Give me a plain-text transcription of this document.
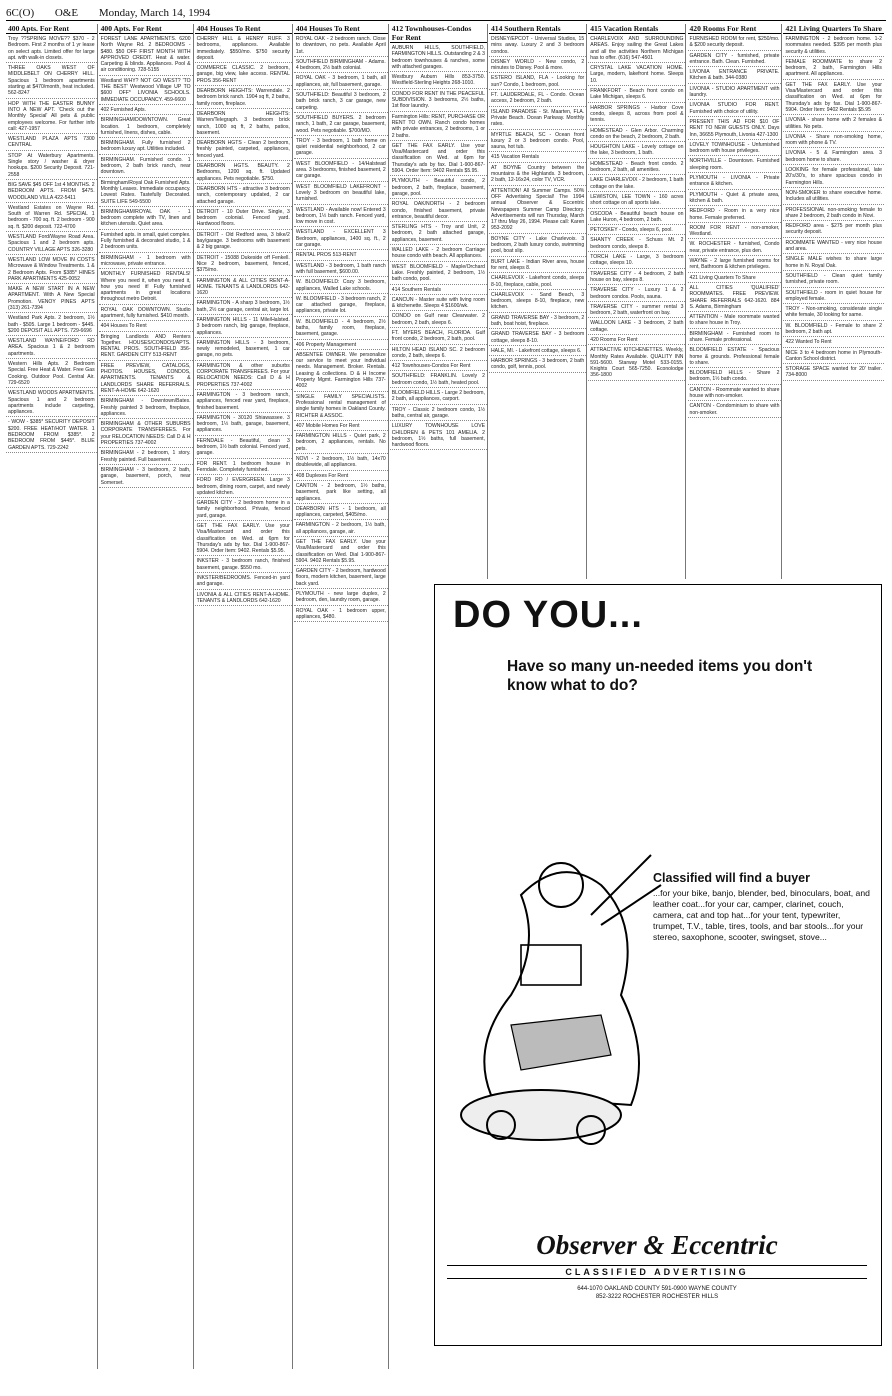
6C(O) O&E Monday, March 14, 1994
400 Apts. For Rent
Troy ??SPRING MOVE?? $370 - 2 Bedroom. First 2 months of 1 yr lease on select apts. Limited offer for large apt. with walk-in closets.
THREE OAKS WEST OF MIDDLEBELT ON CHERRY HILL. Spacious 1 bedroom apartments starting at $470/month, heat included. 562-8247
HOP WITH THE EASTER BUNNY INTO A NEW APT. 'Check out the Monthly Special' All pets & public employees welcome. For further info call: 427-1957
WESTLAND PLAZA APTS 7300 CENTRAL
STOP At Waterbury Apartments. Single story / washer & dryer hookups. $200 Security Deposit. 721-2558
BIG SAVE $45 OFF 1st 4 MONTHS. 2 BEDROOM APTS. FROM $475. WOODLAND VILLA 422-5411
Westland Estates on Wayne Rd. South of Warren Rd. SPECIAL 1 bedroom - 700 sq. ft. 2 bedroom - 900 sq. ft. $200 deposit. 722-4700
WESTLAND Ford/Wayne Road Area. Spacious 1 and 2 bedroom apts. COUNTRY VILLAGE APTS 326-3280
WESTLAND LOW MOVE IN COSTS Microwave & Window Treatments. 1 & 2 Bedroom Apts. From $385* HINES PARK APARTMENTS 425-0052
MAKE A NEW START IN A NEW APARTMENT. With A New Special Promotion. VENOY PINES APTS (313) 261-7394
Westland Park Apts. 2 bedroom, 1½ bath - $505. Large 1 bedroom - $445. $200 DEPOSIT ALL APTS. 729-6696
WESTLAND WAYNE/FORD RD AREA. Spacious 1 & 2 bedroom apartments.
Western Hills Apts. 2 Bedroom Special. Free Heat & Water. Free Gas Cooking. Outdoor Pool. Central Air. 729-6520
WESTLAND WOODS APARTMENTS. Spacious 1 and 2 bedroom apartments include carpeting, appliances.
- WOW - $385* SECURITY DEPOSIT $200. FREE HEAT/HOT WATER. 1 BEDROOM FROM $385*. 2 BEDROOM FROM $445*. BLUE GARDEN APTS. 729-2242
400 Apts. For Rent
FOREST LANE APARTMENTS. 6200 North Wayne Rd. 2 BEDROOMS - $480. $50 OFF FIRST MONTH WITH APPROVED CREDIT. Heat & water. Carpeting & blinds. Appliances. Pool & air conditioning. 728-5155
Westland WHY? NOT GO WEST? 'TO THE BEST' Westwood Village UP TO $600 OFF* LIVONIA SCHOOLS. IMMEDIATE OCCUPANCY. 459-6600
402 Furnished Apts.
BIRMINGHAM/DOWNTOWN. Great location. 1 bedroom, completely furnished, linens, dishes, cable.
BIRMINGHAM. Fully furnished 2 bedroom luxury apt. Utilities included.
BIRMINGHAM. Furnished condo. 1 bedroom, 2 bath brick ranch, near downtown.
Birmingham/Royal Oak Furnished Apts. Monthly Leases. Immediate occupancy. Lowest Rates. Tastefully Decorated. SUITE LIFE 549-5500
BIRMINGHAM/ROYAL OAK - 1 bedroom complete with TV, linen and kitchen utensils. Quiet area.
Furnished apts. in small, quiet complex. Fully furnished & decorated studio, 1 & 2 bedroom units.
BIRMINGHAM - 1 bedroom with microwave, private entrance.
MONTHLY FURNISHED RENTALS! Where you need it, when you need it, how you need it! Fully furnished apartments in great locations throughout metro Detroit.
ROYAL OAK DOWNTOWN. Studio apartment, fully furnished. $410 month.
404 Houses To Rent
Bringing Landlords AND Renters Together. HOUSES/CONDOS/APTS. RENTAL PROS. SOUTHFIELD 356-RENT. GARDEN CITY 513-RENT
FREE PREVIEW, CATALOGS, PHOTOS. HOUSES, CONDOS, APARTMENTS. TENANTS & LANDLORDS SHARE REFERRALS. RENT-A-HOME 642-1620
BIRMINGHAM - Downtown/Bates. Freshly painted 3 bedroom, fireplace, appliances.
BIRMINGHAM & OTHER SUBURBS CORPORATE TRANSFEREES. For your RELOCATION NEEDS: Call D & H PROPERTIES 737-4002
BIRMINGHAM - 2 bedroom, 1 story. Freshly painted. Full basement.
BIRMINGHAM - 3 bedroom, 2 bath, garage, basement, porch, near Somerset.
404 Houses To Rent
CHERRY HILL & HENRY RUFF. 3 bedrooms, appliances. Available immediately. $550/mo. $750 security deposit.
COMMERCE CLASSIC. 2 bedroom, garage, big view, lake access. RENTAL PROS 356-RENT
DEARBORN HEIGHTS: Warrendale. 2 bedroom brick ranch. 1904 sq ft, 2 baths, family room, fireplace.
DEARBORN HEIGHTS: Warren/Telegraph. 3 bedroom brick ranch, 1000 sq ft, 2 baths, patios, basement.
DEARBORN HGTS - Clean 2 bedroom, freshly painted, carpeted, appliances, fenced yard.
DEARBORN HGTS. BEAUTY. 2 Bedrooms, 1200 sq. ft. Updated appliances. Pets negotiable. $750.
DEARBORN HTS - attractive 3 bedroom ranch, contemporary updated, 2 car attached garage.
DETROIT - 10 Outer Drive. Single, 3 bedroom colonial. Fenced yard. Hardwood floors.
DETROIT - Old Redford area, 3 bike/2 bay/garage. 3 bedrooms with basement & 2 big garage.
DETROIT - 15088 Dukeside off Fenkell. Nice 2 bedroom, basement, fenced, $375/mo.
FARMINGTON & ALL CITIES RENT-A-HOME. TENANTS & LANDLORDS 642-1620
FARMINGTON - A sharp 3 bedroom, 1½ bath, 2½ car garage, central air, large lot.
FARMINGTON HILLS - 11 Mile/Halsted. 3 bedroom ranch, big garage, fireplace, appliances.
FARMINGTON HILLS - 3 bedroom, newly remodeled, basement, 1 car garage, no pets.
FARMINGTON & other suburbs CORPORATE TRANSFEREES. For your RELOCATION NEEDS: Call D & H PROPERTIES 737-4002
FARMINGTON - 3 bedroom ranch, appliances, fenced rear yard, fireplace, finished basement.
FARMINGTON - 30120 Shiawassee. 3 bedroom, 1½ bath, garage, basement, appliances.
FERNDALE - Beautiful, clean 3 bedroom, 1½ bath colonial. Fenced yard, garage.
FOR RENT. 1 bedroom house in Ferndale. Completely furnished.
FORD RD / EVERGREEN. Large 3 bedroom, dining room, carpet, and newly updated kitchen.
GARDEN CITY - 2 bedroom home in a family neighborhood. Private, fenced yard, garage.
GET THE FAX EARLY. Use your Visa/Mastercard and order this classification on Wed. at 6pm for Thursday's ads by fax. Dial 1-900-867-5904. Order Item: 9402. Rentals $5.95.
INKSTER - 3 bedroom ranch, finished basement, garage. $550 mo.
INKSTER/BEDROOMS. Fenced-in yard and garage.
LIVONIA & ALL CITIES RENT-A-HOME. TENANTS & LANDLORDS 642-1620
404 Houses To Rent
ROYAL OAK - 2 bedroom ranch. Close to downtown, no pets. Available April 1st.
SOUTHFIELD BIRMINGHAM - Adams. 4 bedroom, 2½ bath colonial.
ROYAL OAK - 3 bedroom, 1 bath, all appliances, air, full basement, garage.
SOUTHFIELD: Beautiful 3 bedroom, 2 bath brick ranch, 3 car garage, new carpeting.
SOUTHFIELD BUYERS. 2 bedroom ranch, 1 bath, 2 car garage, basement, wood. Pets negotiable. $700/MO.
TROY - 3 bedroom, 1 bath home on quiet residential neighborhood, 2 car garage.
WEST BLOOMFIELD - 14/Halstead area. 3 bedrooms, finished basement, 2 car garage.
WEST BLOOMFIELD LAKEFRONT - Lovely 3 bedroom on beautiful lake, furnished.
WESTLAND - Available now! Entered 3 bedroom, 1½ bath ranch. Fenced yard, low move in cost.
WESTLAND - EXCELLENT 3 Bedroom, appliances, 1400 sq. ft., 2 car garage.
RENTAL PROS 513-RENT
WESTLAND - 3 bedroom, 1 bath ranch with full basement, $600.00.
W. BLOOMFIELD: Cozy 3 bedroom, appliances, Walled Lake schools.
W. BLOOMFIELD - 3 bedroom ranch, 2 car attached garage, fireplace, appliances, private lot.
W. BLOOMFIELD - 4 bedroom, 2½ baths, family room, fireplace, basement, garage.
406 Property Management
ABSENTEE OWNER. We personalize our service to meet your individual needs. Management. Broker. Rentals. Leasing & collections. D & H Income Property Mgmt. Farmington Hills 737-4002
SINGLE FAMILY SPECIALISTS. Professional rental management of single family homes in Oakland County. RICHTER & ASSOC.
407 Mobile Homes For Rent
FARMINGTON HILLS - Quiet park, 2 bedroom, 2 appliances, rentals. No pets.
NOVI - 2 bedroom, 1½ bath, 14x70 doublewide, all appliances.
408 Duplexes For Rent
CANTON - 2 bedroom, 1½ baths, basement, park like setting, all appliances.
DEARBORN HTS - 1 bedroom, all appliances, carpeted, $405/mo.
FARMINGTON - 2 bedroom, 1½ bath, all appliances, garage, air.
GET THE FAX EARLY. Use your Visa/Mastercard and order this classification on Wed. Dial 1-900-867-5904. 9402 Rentals $5.95.
GARDEN CITY - 2 bedroom, hardwood floors, modern kitchen, basement, large back yard.
PLYMOUTH - new large duplex, 2 bedroom, den, laundry room, garage.
ROYAL OAK - 1 bedroom upper, appliances, $480.
412 Townhouses-Condos For Rent
AUBURN HILLS, SOUTHFIELD, FARMINGTON HILLS. Outstanding 2 & 3 bedroom townhouses & ranches, some with attached garages.
Westbury Auburn Hills 853-3750. Westfield-Sterling Heights 268-1010.
CONDO FOR RENT IN THE PEACEFUL SUBDIVISION. 3 bedrooms, 2½ baths, 1st floor laundry.
Farmington Hills: RENT, PURCHASE OR RENT TO OWN. Ranch condo homes with private entrances, 2 bedrooms, 1 or 2 baths.
GET THE FAX EARLY. Use your Visa/Mastercard and order this classification on Wed. at 6pm for Thursday's ads by fax. Dial 1-900-867-5904. Order Item: 9402 Rentals $5.95.
PLYMOUTH - Beautiful condo, 2 bedroom, 2 bath, fireplace, basement, garage, pool.
ROYAL OAK/NORTH - 2 bedroom condo, finished basement, private entrance, beautiful decor.
STERLING HTS - Troy and Unit, 2 bedroom, 2 bath attached garage, appliances, basement.
WALLED LAKE - 2 bedroom Carriage house condo with beach. All appliances.
WEST BLOOMFIELD - Maple/Orchard Lake. Freshly painted, 2 bedroom, 1½ bath condo, pool.
414 Southern Rentals
CANCUN - Master suite with living room & kitchenette. Sleeps 4 $1600/wk.
CONDO on Gulf near Clearwater. 2 bedroom, 2 bath, sleeps 6.
FT. MYERS BEACH, FLORIDA. Gulf front condo, 2 bedroom, 2 bath, pool.
HILTON HEAD ISLAND SC. 2 bedroom condo, 2 bath, sleeps 6.
412 Townhouses-Condos For Rent
SOUTHFIELD: FRANKLIN. Lovely 2 bedroom condo, 1½ bath, heated pool.
BLOOMFIELD HILLS - Large 2 bedroom, 2 bath, all appliances, carport.
TROY - Classic 2 bedroom condo, 1½ baths, central air, garage.
LUXURY TOWNHOUSE LOVE CHILDREN & PETS 101 AMELIA. 2 bedroom, 1½ baths, full basement, hardwood floors.
414 Southern Rentals
DISNEY/EPCOT - Universal Studios, 15 mins away. Luxury 2 and 3 bedroom condos.
DISNEY WORLD - New condo, 2 minutes to Disney. Pool & more.
ESTERO ISLAND, FLA - Looking for sun? Condo, 1 bedroom, pool.
FT. LAUDERDALE, FL - Condo. Ocean access, 2 bedroom, 2 bath.
ISLAND PARADISE - St. Maarten, FLA. Private Beach. Ocean Parkway. Monthly rates.
MYRTLE BEACH, SC - Ocean front luxury 2 or 3 bedroom condo. Pool, sauna, hot tub.
415 Vacation Rentals
AT BOYNE Country between the mountains & the Highlands. 3 bedroom, 2 bath, 12-16x24, color TV, VCR.
ATTENTION! All Summer Camps. 50% OFF Advertising Special! The 1994 annual Observer & Eccentric Newspapers Summer Camp Directory. Advertisements will run Thursday, March 17 thru May 26, 1994. Please call: Karen 953-2092
BOYNE CITY - Lake Charlevoix. 3 bedroom, 2 bath luxury condo, swimming pool, boat slip.
BURT LAKE - Indian River area, house for rent, sleeps 8.
CHARLEVOIX - Lakefront condo, sleeps 8-10, fireplace, cable, pool.
CHARLEVOIX - Sand Beach, 3 bedroom, sleeps 8-10, fireplace, new kitchen.
GRAND TRAVERSE BAY - 3 bedroom, 2 bath, boat hoist, fireplace.
GRAND TRAVERSE BAY - 3 bedroom cottage, sleeps 8-10.
HALE, MI. - Lakefront cottage, sleeps 6.
HARBOR SPRINGS - 3 bedroom, 2 bath condo, golf, tennis, pool.
415 Vacation Rentals
CHARLEVOIX AND SURROUNDING AREAS. Enjoy sailing the Great Lakes and all the activities Northern Michigan has to offer. (616) 547-4501
CRYSTAL LAKE VACATION HOME. Large, modern, lakefront home. Sleeps 10.
FRANKFORT - Beach front condo on Lake Michigan, sleeps 6.
HARBOR SPRINGS - Harbor Cove condo, sleeps 8, across from pool & tennis.
HOMESTEAD - Glen Arbor. Charming condo on the beach, 2 bedroom, 2 bath.
HOUGHTON LAKE - Lovely cottage on the lake, 3 bedroom, 1 bath.
HOMESTEAD - Beach front condo. 2 bedroom, 2 bath, all amenities.
LAKE CHARLEVOIX - 2 bedroom, 1 bath cottage on the lake.
LEWISTON, LEE TOWN - 160 acres short cottage on all sports lake.
OSCODA - Beautiful beach house on Lake Huron, 4 bedroom, 2 bath.
PETOSKEY - Condo, sleeps 6, pool.
SHANTY CREEK - Schuss Mt. 2 bedroom condo, sleeps 8.
TORCH LAKE - Large, 3 bedroom cottage, sleeps 10.
TRAVERSE CITY - 4 bedroom, 2 bath house on bay, sleeps 8.
TRAVERSE CITY - Luxury 1 & 2 bedroom condos. Pools, sauna.
TRAVERSE CITY - summer rental 3 bedroom, 2 bath, waterfront on bay.
WALLOON LAKE - 3 bedroom, 2 bath cottage.
420 Rooms For Rent
ATTRACTIVE KITCHENETTES. Weekly, Monthly Rates Available. QUALITY INN 591-5600. Starway Motel 533-0155. Knights Court 565-7250. Econolodge 356-1800
420 Rooms For Rent
FURNISHED ROOM for rent, $250/mo. & $200 security deposit.
GARDEN CITY - furnished, private entrance. Bath. Clean. Furnished.
LIVONIA ENTRANCE PRIVATE. Kitchen & bath. 344-0380
LIVONIA - STUDIO APARTMENT with laundry.
LIVONIA STUDIO FOR RENT. Furnished with choice of utility.
PRESENT THIS AD FOR $10 OF RENT TO NEW GUESTS ONLY. Days Inn, 36655 Plymouth, Livonia 427-1300
LOVELY TOWNHOUSE - Unfurnished bedroom with house privileges.
NORTHVILLE - Downtown. Furnished sleeping room.
PLYMOUTH - LIVONIA - Private entrance & kitchen.
PLYMOUTH - Quiet & private area, kitchen & bath.
REDFORD - Room in a very nice home. Female preferred.
ROOM FOR RENT - non-smoker, Westland.
W. ROCHESTER - furnished, Condo near, private entrance, plus den.
WAYNE - 2 large furnished rooms for rent, Bathroom & kitchen privileges.
421 Living Quarters To Share
ALL CITIES 'QUALIFIED' ROOMMATES. FREE PREVIEW. SHARE REFERRALS 642-1620. 884 S. Adams, Birmingham
ATTENTION - Male roommate wanted to share house in Troy.
BIRMINGHAM - Furnished room to share. Female professional.
BLOOMFIELD ESTATE - Spacious home & grounds. Professional female to share.
BLOOMFIELD HILLS - Share 2 bedroom, 1½ bath condo.
CANTON - Roommate wanted to share house with non-smoker.
CANTON - Condominium to share with non-smoker.
421 Living Quarters To Share
FARMINGTON - 2 bedroom home. 1-2 roommates needed. $395 per month plus security & utilities.
FEMALE ROOMMATE to share 2 bedroom, 2 bath, Farmington Hills apartment. All appliances.
GET THE FAX EARLY. Use your Visa/Mastercard and order this classification on Wed. at 6pm for Thursday's ads by fax. Dial 1-900-867-5904. Order Item: 9402 Rentals $5.95
LIVONIA - share home with 2 females & utilities. No pets.
LIVONIA - Share non-smoking home, room with phone & TV.
LIVONIA - 5 & Farmington area. 3 bedroom home to share.
LOOKING for female professional, late 20's/30's, to share spacious condo in Farmington Hills.
NON-SMOKER to share executive home. Includes all utilities.
PROFESSIONAL non-smoking female to share 2 bedroom, 2 bath condo in Novi.
REDFORD area - $275 per month plus security deposit.
ROOMMATE WANTED - very nice house and area.
SINGLE MALE wishes to share large home in N. Royal Oak.
SOUTHFIELD - Clean quiet family turnished, private room.
SOUTHFIELD - room in quiet house for employed female.
TROY - Non-smoking, considerate single white female, 30 looking for same.
W. BLOOMFIELD - Female to share 2 bedroom, 2 bath apt.
422 Wanted To Rent
NICE 3 to 4 bedroom home in Plymouth-Canton School district.
STORAGE SPACE wanted for 20' trailer. 734-8000
DO YOU...
Have so many un-needed items you don't know what to do?
Classified will find a buyer
...for your bike, banjo, blender, bed, binoculars, boat, and leather coat...for your car, camper, clarinet, couch, camera, cat and top hat...for your tent, typewriter, trumpet, T.V., table, tires, tools, and bar stools...for your stereo, saxophone, scooter, swingset, stove...
Observer & Eccentric
CLASSIFIED ADVERTISING
644-1070 OAKLAND COUNTY 591-0900 WAYNE COUNTY
852-3222 ROCHESTER ROCHESTER HILLS
